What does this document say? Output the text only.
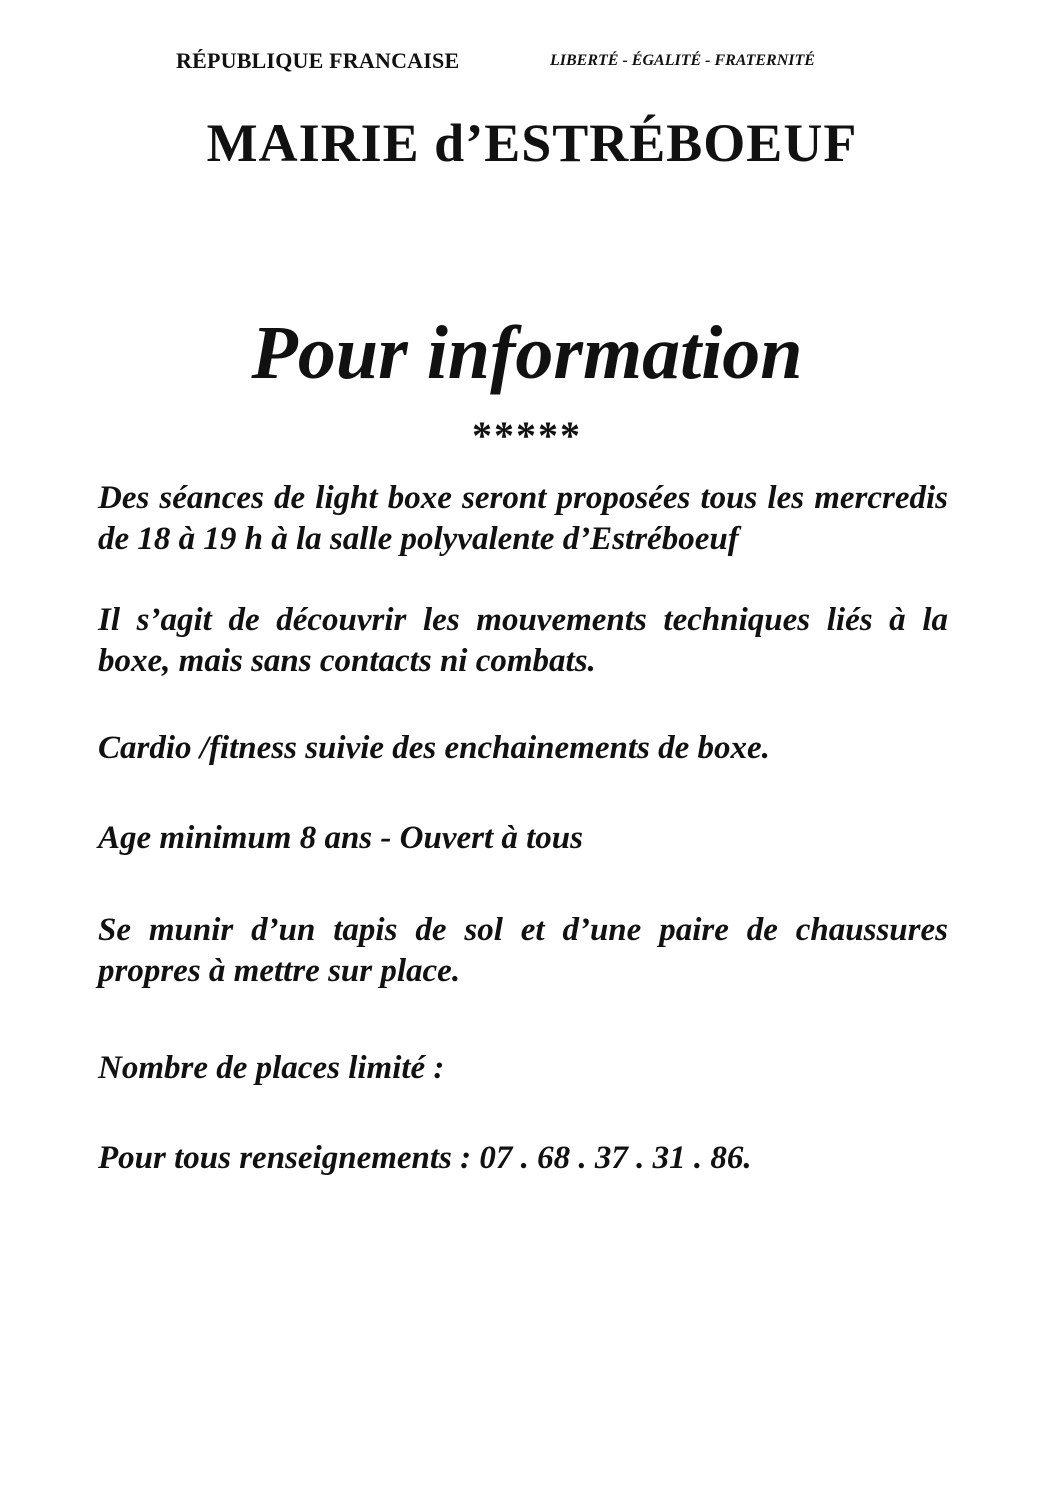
RÉPUBLIQUE FRANCAISE	LIBERTÉ - ÉGALITÉ - FRATERNITÉ
MAIRIE d’ESTRÉBOEUF
Pour information
*****

Des séances de light boxe seront proposées tous les mercredis de 18 à 19 h à la salle polyvalente d’Estréboeuf

Il s’agit de découvrir les mouvements techniques liés à la boxe, mais sans contacts ni combats.

Cardio /fitness suivie des enchainements de boxe.

Age minimum 8 ans - Ouvert à tous

Se munir d’un tapis de sol et d’une paire de chaussures propres à mettre sur place.

Nombre de places limité :

Pour tous renseignements : 07 . 68 . 37 . 31 . 86.
